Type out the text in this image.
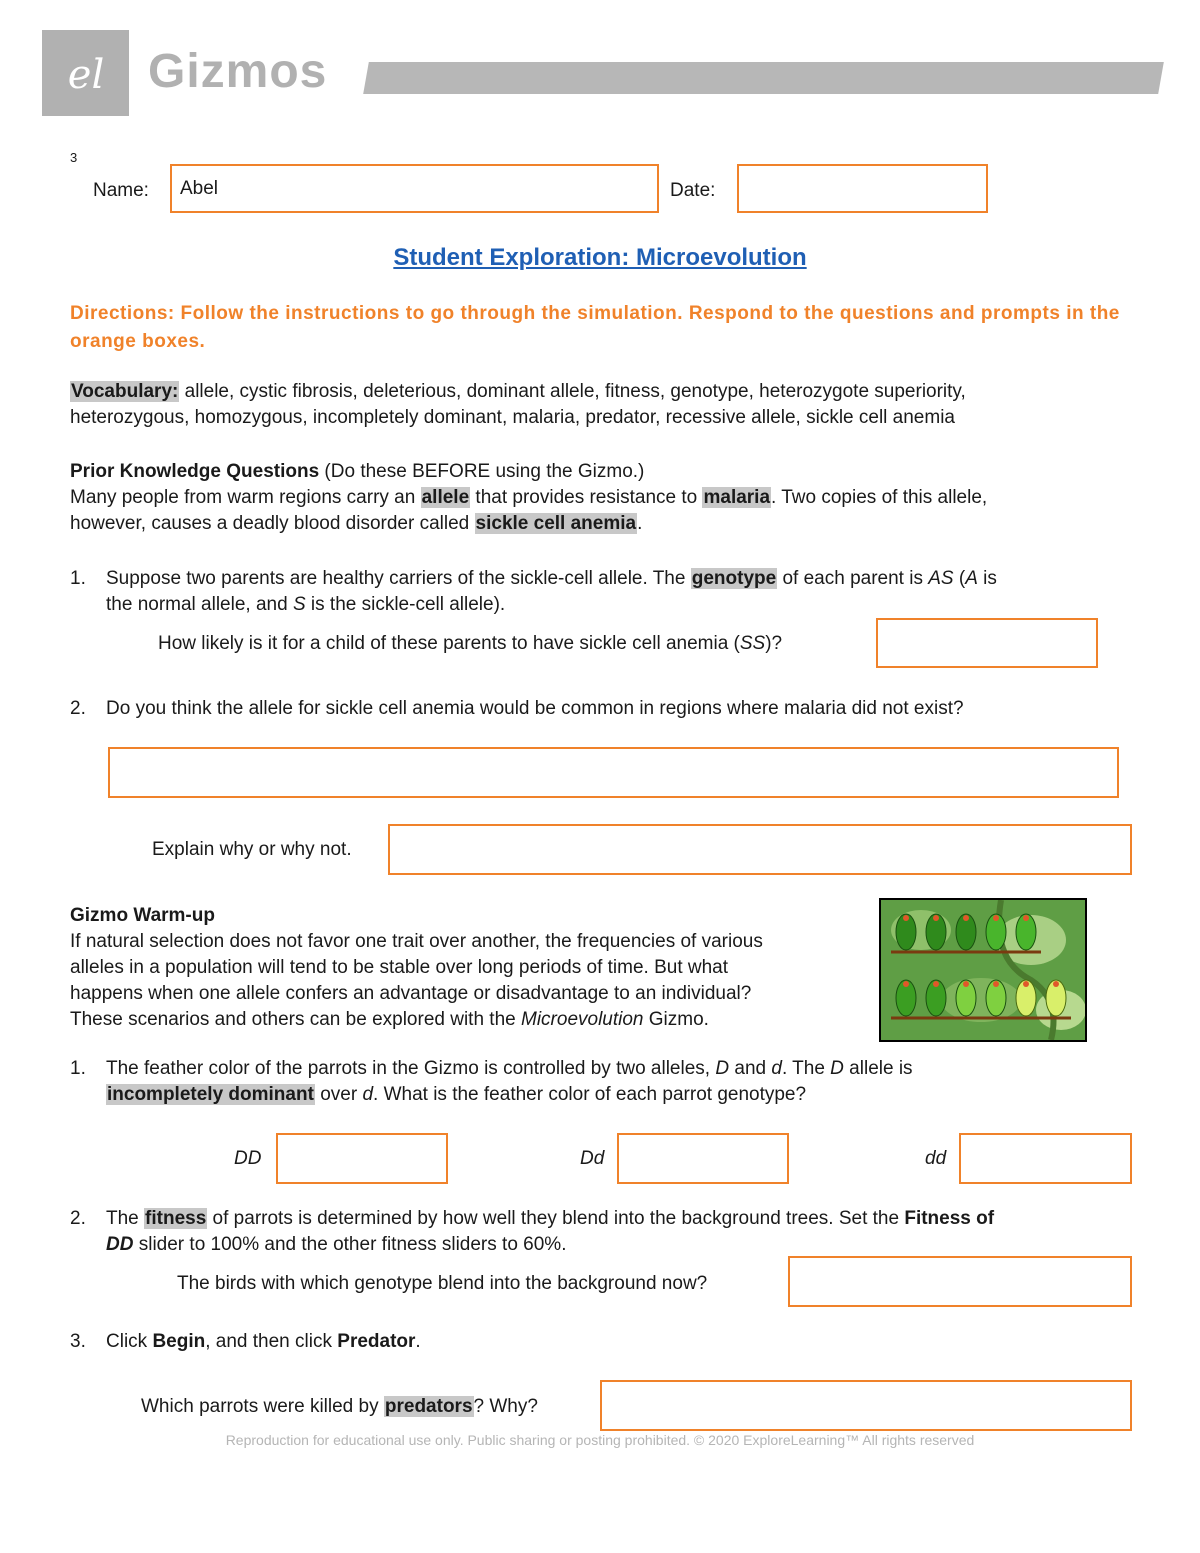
el Gizmos
3
Name:
Abel	Date:
Student Exploration: Microevolution
Directions: Follow the instructions to go through the simulation. Respond to the questions and prompts in the orange boxes.
Vocabulary: allele, cystic fibrosis, deleterious, dominant allele, fitness, genotype, heterozygote superiority,
heterozygous, homozygous, incompletely dominant, malaria, predator, recessive allele, sickle cell anemia
Prior Knowledge Questions (Do these BEFORE using the Gizmo.)
Many people from warm regions carry an allele that provides resistance to malaria. Two copies of this allele,
however, causes a deadly blood disorder called sickle cell anemia.
1. Suppose two parents are healthy carriers of the sickle-cell allele. The genotype of each parent is AS (A is
the normal allele, and S is the sickle-cell allele).
How likely is it for a child of these parents to have sickle cell anemia (SS)?
2. Do you think the allele for sickle cell anemia would be common in regions where malaria did not exist?
Explain why or why not.
Gizmo Warm-up
If natural selection does not favor one trait over another, the frequencies of various
alleles in a population will tend to be stable over long periods of time. But what
happens when one allele confers an advantage or disadvantage to an individual?
These scenarios and others can be explored with the Microevolution Gizmo.
1. The feather color of the parrots in the Gizmo is controlled by two alleles, D and d. The D allele is
incompletely dominant over d. What is the feather color of each parrot genotype?
DD	Dd	dd
2. The fitness of parrots is determined by how well they blend into the background trees. Set the Fitness of
DD slider to 100% and the other fitness sliders to 60%.
The birds with which genotype blend into the background now?
3. Click Begin, and then click Predator.
Which parrots were killed by predators? Why?
Reproduction for educational use only. Public sharing or posting prohibited. © 2020 ExploreLearning™ All rights reserved
